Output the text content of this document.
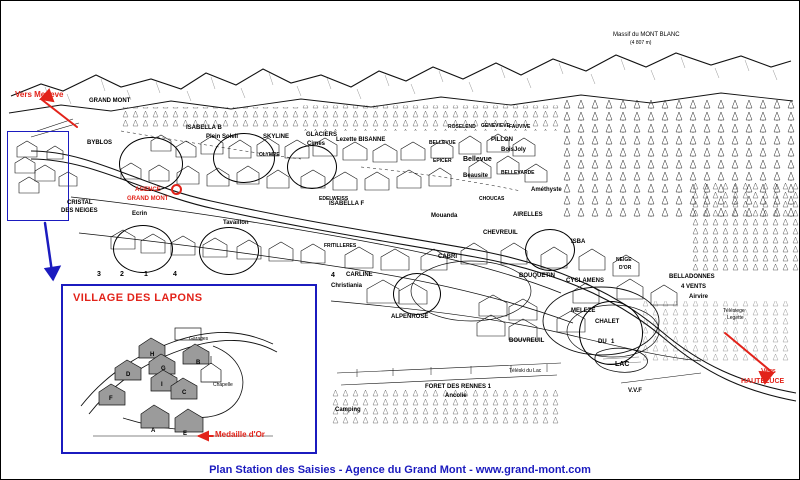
Vers Megeve
GRAND MONT
Massif du MONT BLANC
(4 807 m)
BYBLOS
ISABELLA B
Plein Soleil	SKYLINE	GLACIERS
Cimes
Lezette BISANNE
ROSELEND GENEVIEVE FAUVIVE
BELLEVUE	PILLON
BoisJoly
Bellevue
EPICER
Beausite	BELLEVARDE
CHOUCAS
Améthyste
AIRELLES
OLYMPE
EDELWEISS
ISABELLA F
Mouanda
CRISTAL
DES NEIGES	Ecrin
Tavaillon
FRITILLERES
CABRI
CHEVREUIL
ISBA
NEIGE
D'OR
BOUQUETIN
CYCLAMENS
BELLADONNES
4 VENTS
Airvire
Télésiege
Legette
MELEZE
CHALET
DU 1
LAC
BOUVREUIL
CARLINE
Christiania
ALPENROSE
FORET DES RENNES 1
Ancolie
Téléski du Lac
Camping
V.V.F
Vers
HAUTELUCE
3	2	1	4	4
AGENCE
GRAND MONT
VILLAGE DES LAPONS
Medaille d'Or
Garages
Chapelle
H
B
G
D
I
C
F
A	E
Plan Station des Saisies - Agence du Grand Mont - www.grand-mont.com
